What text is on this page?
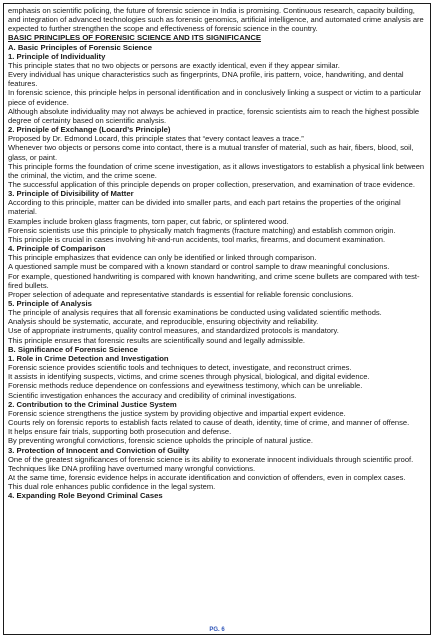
emphasis on scientific policing, the future of forensic science in India is promising. Continuous research, capacity building, and integration of advanced technologies such as forensic genomics, artificial intelligence, and automated crime analysis are expected to further strengthen the scope and effectiveness of forensic science in the country.

BASIC PRINCIPLES OF FORENSIC SCIENCE AND ITS SIGNIFICANCE
A. Basic Principles of Forensic Science
1. Principle of Individuality

This principle states that no two objects or persons are exactly identical, even if they appear similar.

Every individual has unique characteristics such as fingerprints, DNA profile, iris pattern, voice, handwriting, and dental features.

In forensic science, this principle helps in personal identification and in conclusively linking a suspect or victim to a particular piece of evidence.

Although absolute individuality may not always be achieved in practice, forensic scientists aim to reach the highest possible degree of certainty based on scientific analysis.

2. Principle of Exchange (Locard’s Principle)

Proposed by Dr. Edmond Locard, this principle states that “every contact leaves a trace.”

Whenever two objects or persons come into contact, there is a mutual transfer of material, such as hair, fibers, blood, soil, glass, or paint.

This principle forms the foundation of crime scene investigation, as it allows investigators to establish a physical link between the criminal, the victim, and the crime scene.

The successful application of this principle depends on proper collection, preservation, and examination of trace evidence.

3. Principle of Divisibility of Matter

According to this principle, matter can be divided into smaller parts, and each part retains the properties of the original material.

Examples include broken glass fragments, torn paper, cut fabric, or splintered wood.

Forensic scientists use this principle to physically match fragments (fracture matching) and establish common origin.

This principle is crucial in cases involving hit-and-run accidents, tool marks, firearms, and document examination.

4. Principle of Comparison

This principle emphasizes that evidence can only be identified or linked through comparison.

A questioned sample must be compared with a known standard or control sample to draw meaningful conclusions.

For example, questioned handwriting is compared with known handwriting, and crime scene bullets are compared with test-fired bullets.

Proper selection of adequate and representative standards is essential for reliable forensic conclusions.

5. Principle of Analysis

The principle of analysis requires that all forensic examinations be conducted using validated scientific methods.

Analysis should be systematic, accurate, and reproducible, ensuring objectivity and reliability.

Use of appropriate instruments, quality control measures, and standardized protocols is mandatory.

This principle ensures that forensic results are scientifically sound and legally admissible.

B. Significance of Forensic Science
1. Role in Crime Detection and Investigation

Forensic science provides scientific tools and techniques to detect, investigate, and reconstruct crimes.

It assists in identifying suspects, victims, and crime scenes through physical, biological, and digital evidence.

Forensic methods reduce dependence on confessions and eyewitness testimony, which can be unreliable.

Scientific investigation enhances the accuracy and credibility of criminal investigations.

2. Contribution to the Criminal Justice System

Forensic science strengthens the justice system by providing objective and impartial expert evidence.

Courts rely on forensic reports to establish facts related to cause of death, identity, time of crime, and manner of offense.

It helps ensure fair trials, supporting both prosecution and defense.

By preventing wrongful convictions, forensic science upholds the principle of natural justice.

3. Protection of Innocent and Conviction of Guilty

One of the greatest significances of forensic science is its ability to exonerate innocent individuals through scientific proof.

Techniques like DNA profiling have overturned many wrongful convictions.

At the same time, forensic evidence helps in accurate identification and conviction of offenders, even in complex cases.

This dual role enhances public confidence in the legal system.

4. Expanding Role Beyond Criminal Cases
PG. 6
